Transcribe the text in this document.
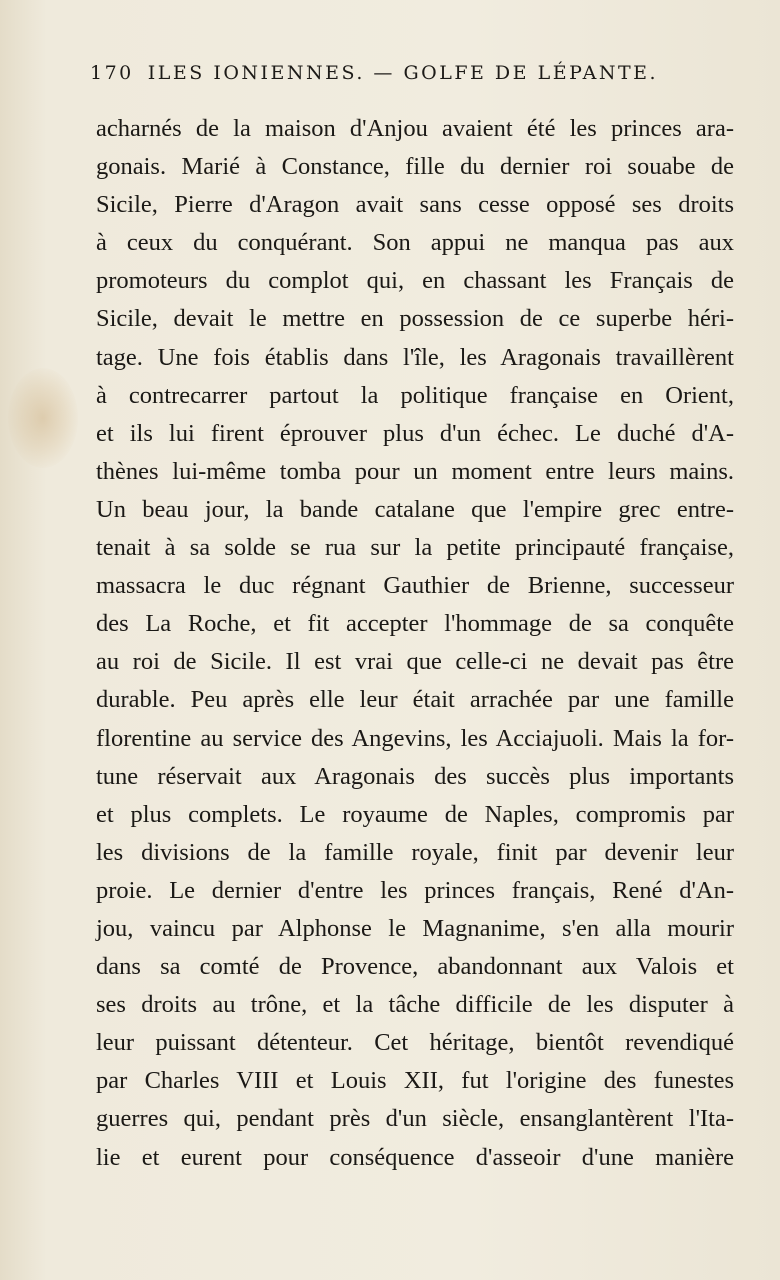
170 ILES IONIENNES. — GOLFE DE LÉPANTE.
acharnés de la maison d'Anjou avaient été les princes ara-
gonais. Marié à Constance, fille du dernier roi souabe de
Sicile, Pierre d'Aragon avait sans cesse opposé ses droits
à ceux du conquérant. Son appui ne manqua pas aux
promoteurs du complot qui, en chassant les Français de
Sicile, devait le mettre en possession de ce superbe héri-
tage. Une fois établis dans l'île, les Aragonais travaillèrent
à contrecarrer partout la politique française en Orient,
et ils lui firent éprouver plus d'un échec. Le duché d'A-
thènes lui-même tomba pour un moment entre leurs mains.
Un beau jour, la bande catalane que l'empire grec entre-
tenait à sa solde se rua sur la petite principauté française,
massacra le duc régnant Gauthier de Brienne, successeur
des La Roche, et fit accepter l'hommage de sa conquête
au roi de Sicile. Il est vrai que celle-ci ne devait pas être
durable. Peu après elle leur était arrachée par une famille
florentine au service des Angevins, les Acciajuoli. Mais la for-
tune réservait aux Aragonais des succès plus importants
et plus complets. Le royaume de Naples, compromis par
les divisions de la famille royale, finit par devenir leur
proie. Le dernier d'entre les princes français, René d'An-
jou, vaincu par Alphonse le Magnanime, s'en alla mourir
dans sa comté de Provence, abandonnant aux Valois et
ses droits au trône, et la tâche difficile de les disputer à
leur puissant détenteur. Cet héritage, bientôt revendiqué
par Charles VIII et Louis XII, fut l'origine des funestes
guerres qui, pendant près d'un siècle, ensanglantèrent l'Ita-
lie et eurent pour conséquence d'asseoir d'une manière
